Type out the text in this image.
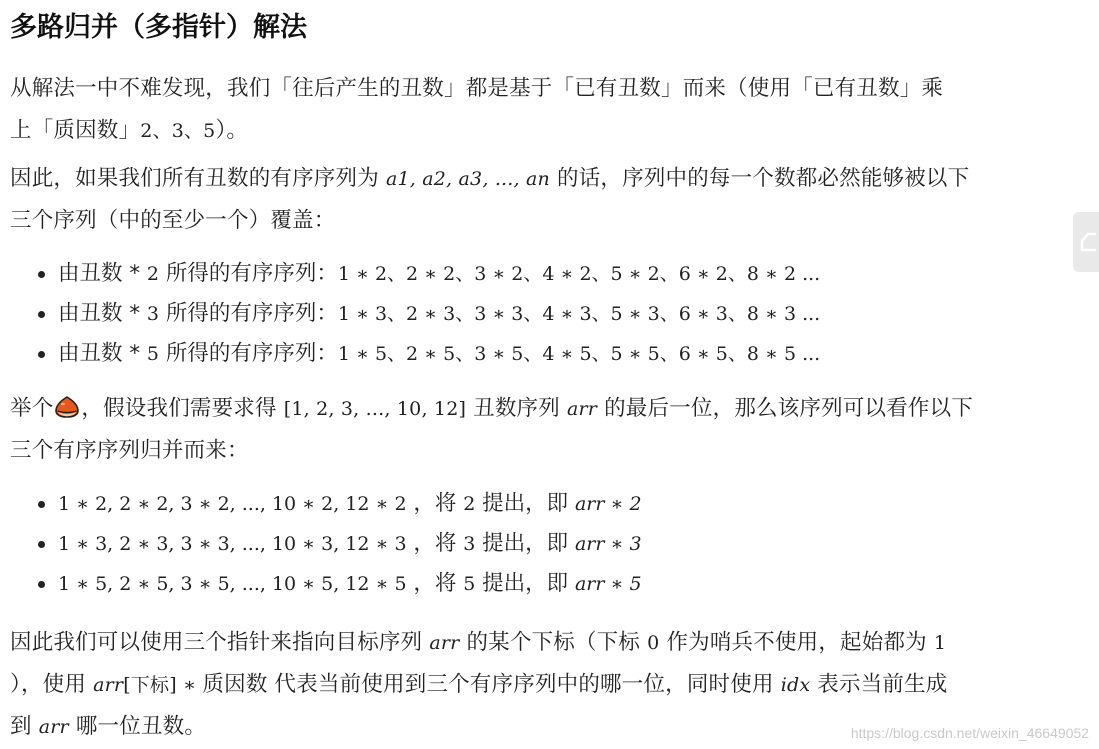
多路归并（多指针）解法

从解法一中不难发现，我们「往后产生的丑数」都是基于「已有丑数」而来（使用「已有丑数」乘
上「质因数」2、3、5）。

因此，如果我们所有丑数的有序序列为 a1, a2, a3, ..., an 的话，序列中的每一个数都必然能够被以下
三个序列（中的至少一个）覆盖：

由丑数 * 2 所得的有序序列：1 ∗ 2、2 ∗ 2、3 ∗ 2、4 ∗ 2、5 ∗ 2、6 ∗ 2、8 ∗ 2 ...
由丑数 * 3 所得的有序序列：1 ∗ 3、2 ∗ 3、3 ∗ 3、4 ∗ 3、5 ∗ 3、6 ∗ 3、8 ∗ 3 ...
由丑数 * 5 所得的有序序列：1 ∗ 5、2 ∗ 5、3 ∗ 5、4 ∗ 5、5 ∗ 5、6 ∗ 5、8 ∗ 5 ...

举个 ，假设我们需要求得 [1, 2, 3, ..., 10, 12] 丑数序列 arr 的最后一位，那么该序列可以看作以下
三个有序序列归并而来：

1 ∗ 2, 2 ∗ 2, 3 ∗ 2, ..., 10 ∗ 2, 12 ∗ 2 ，将 2 提出，即 arr ∗ 2
1 ∗ 3, 2 ∗ 3, 3 ∗ 3, ..., 10 ∗ 3, 12 ∗ 3 ，将 3 提出，即 arr ∗ 3
1 ∗ 5, 2 ∗ 5, 3 ∗ 5, ..., 10 ∗ 5, 12 ∗ 5 ，将 5 提出，即 arr ∗ 5

因此我们可以使用三个指针来指向目标序列 arr 的某个下标（下标 0 作为哨兵不使用，起始都为 1
），使用 arr[下标] ∗ 质因数 代表当前使用到三个有序序列中的哪一位，同时使用 idx 表示当前生成
到 arr 哪一位丑数。	https://blog.csdn.net/weixin_46649052
